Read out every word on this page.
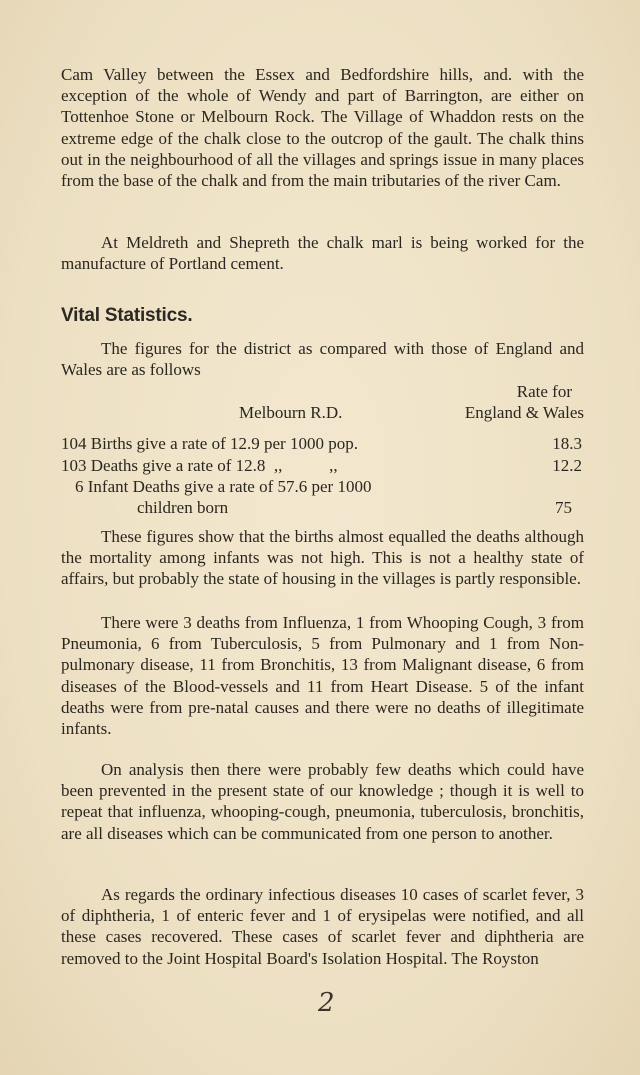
Cam Valley between the Essex and Bedfordshire hills, and. with the exception of the whole of Wendy and part of Barrington, are either on Tottenhoe Stone or Melbourn Rock. The Village of Whaddon rests on the extreme edge of the chalk close to the outcrop of the gault. The chalk thins out in the neighbourhood of all the villages and springs issue in many places from the base of the chalk and from the main tributaries of the river Cam.

At Meldreth and Shepreth the chalk marl is being worked for the manufacture of Portland cement.

Vital Statistics.

The figures for the district as compared with those of England and Wales are as follows

Rate for
Melbourn R.D.	England & Wales
104 Births give a rate of 12.9 per 1000 pop.	18.3
103 Deaths give a rate of 12.8  ,,           ,,	12.2
6 Infant Deaths give a rate of 57.6 per 1000
children born	75

These figures show that the births almost equalled the deaths although the mortality among infants was not high. This is not a healthy state of affairs, but probably the state of housing in the villages is partly responsible.

There were 3 deaths from Influenza, 1 from Whooping Cough, 3 from Pneumonia, 6 from Tuberculosis, 5 from Pulmonary and 1 from Non-pulmonary disease, 11 from Bronchitis, 13 from Malignant disease, 6 from diseases of the Blood-vessels and 11 from Heart Disease. 5 of the infant deaths were from pre-natal causes and there were no deaths of illegitimate infants.

On analysis then there were probably few deaths which could have been prevented in the present state of our knowledge ; though it is well to repeat that influenza, whooping-cough, pneumonia, tuberculosis, bronchitis, are all diseases which can be communicated from one person to another.

As regards the ordinary infectious diseases 10 cases of scarlet fever, 3 of diphtheria, 1 of enteric fever and 1 of erysipelas were notified, and all these cases recovered. These cases of scarlet fever and diphtheria are removed to the Joint Hospital Board's Isolation Hospital. The Royston

2
